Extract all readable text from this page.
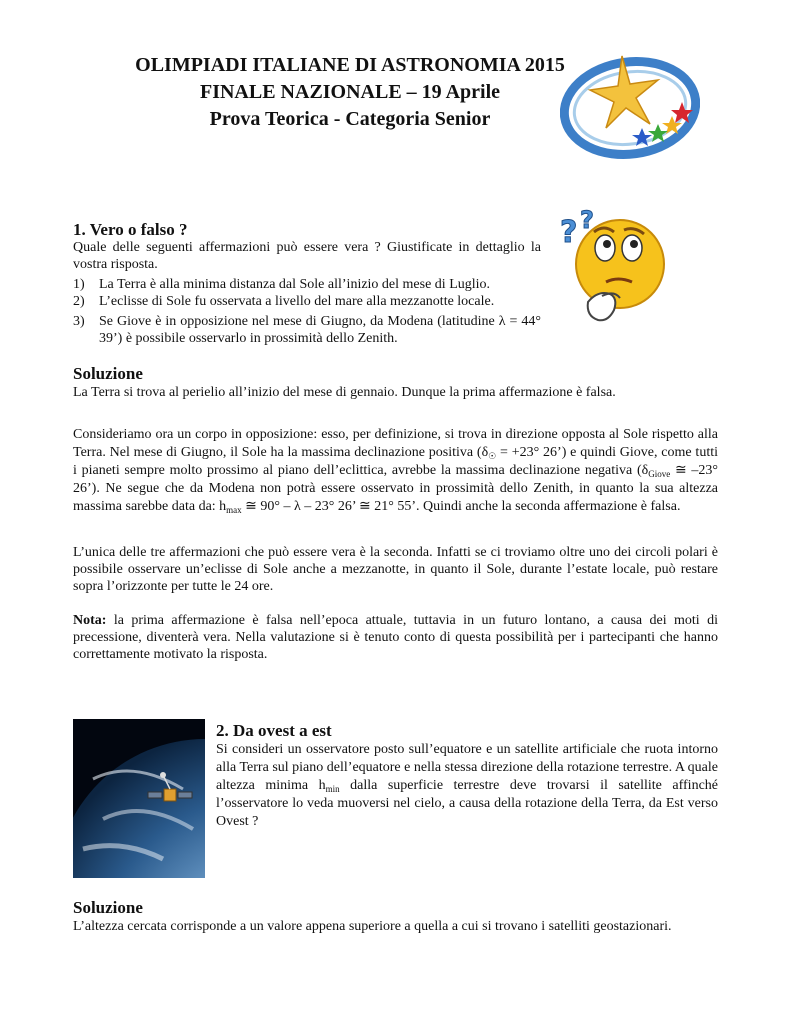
OLIMPIADI ITALIANE DI ASTRONOMIA 2015
FINALE NAZIONALE – 19 Aprile
Prova Teorica - Categoria Senior
1. Vero o falso ?

Quale delle seguenti affermazioni può essere vera ? Giustificate in dettaglio la vostra risposta.

1) La Terra è alla minima distanza dal Sole all’inizio del mese di Luglio.
2) L’eclisse di Sole fu osservata a livello del mare alla mezzanotte locale.
3) Se Giove è in opposizione nel mese di Giugno, da Modena (latitudine λ = 44° 39’) è possibile osservarlo in prossimità dello Zenith.
? ?
Soluzione

La Terra si trova al perielio all’inizio del mese di gennaio. Dunque la prima affermazione è falsa.

Consideriamo ora un corpo in opposizione: esso, per definizione, si trova in direzione opposta al Sole rispetto alla Terra. Nel mese di Giugno, il Sole ha la massima declinazione positiva ($\delta_☉ = +23^\circ$ 26’) e quindi Giove, come tutti i pianeti sempre molto prossimo al piano dell’eclittica, avrebbe la massima declinazione negativa ($\delta_{Giove}$ ≅ –23° 26’). Ne segue che da Modena non potrà essere osservato in prossimità dello Zenith, in quanto la sua altezza massima sarebbe data da: $h_{max}$ ≅ 90° – λ – 23° 26’ ≅ 21° 55’. Quindi anche la seconda affermazione è falsa.

L’unica delle tre affermazioni che può essere vera è la seconda. Infatti se ci troviamo oltre uno dei circoli polari è possibile osservare un’eclisse di Sole anche a mezzanotte, in quanto il Sole, durante l’estate locale, può restare sopra l’orizzonte per tutte le 24 ore.

Nota: la prima affermazione è falsa nell’epoca attuale, tuttavia in un futuro lontano, a causa dei moti di precessione, diventerà vera. Nella valutazione si è tenuto conto di questa possibilità per i partecipanti che hanno correttamente motivato la risposta.

2. Da ovest a est

Si consideri un osservatore posto sull’equatore e un satellite artificiale che ruota intorno alla Terra sul piano dell’equatore e nella stessa direzione della rotazione terrestre. A quale altezza minima $h_{min}$ dalla superficie terrestre deve trovarsi il satellite affinché l’osservatore lo veda muoversi nel cielo, a causa della rotazione della Terra, da Est verso Ovest ?

Soluzione

L’altezza cercata corrisponde a un valore appena superiore a quella a cui si trovano i satelliti geostazionari.
